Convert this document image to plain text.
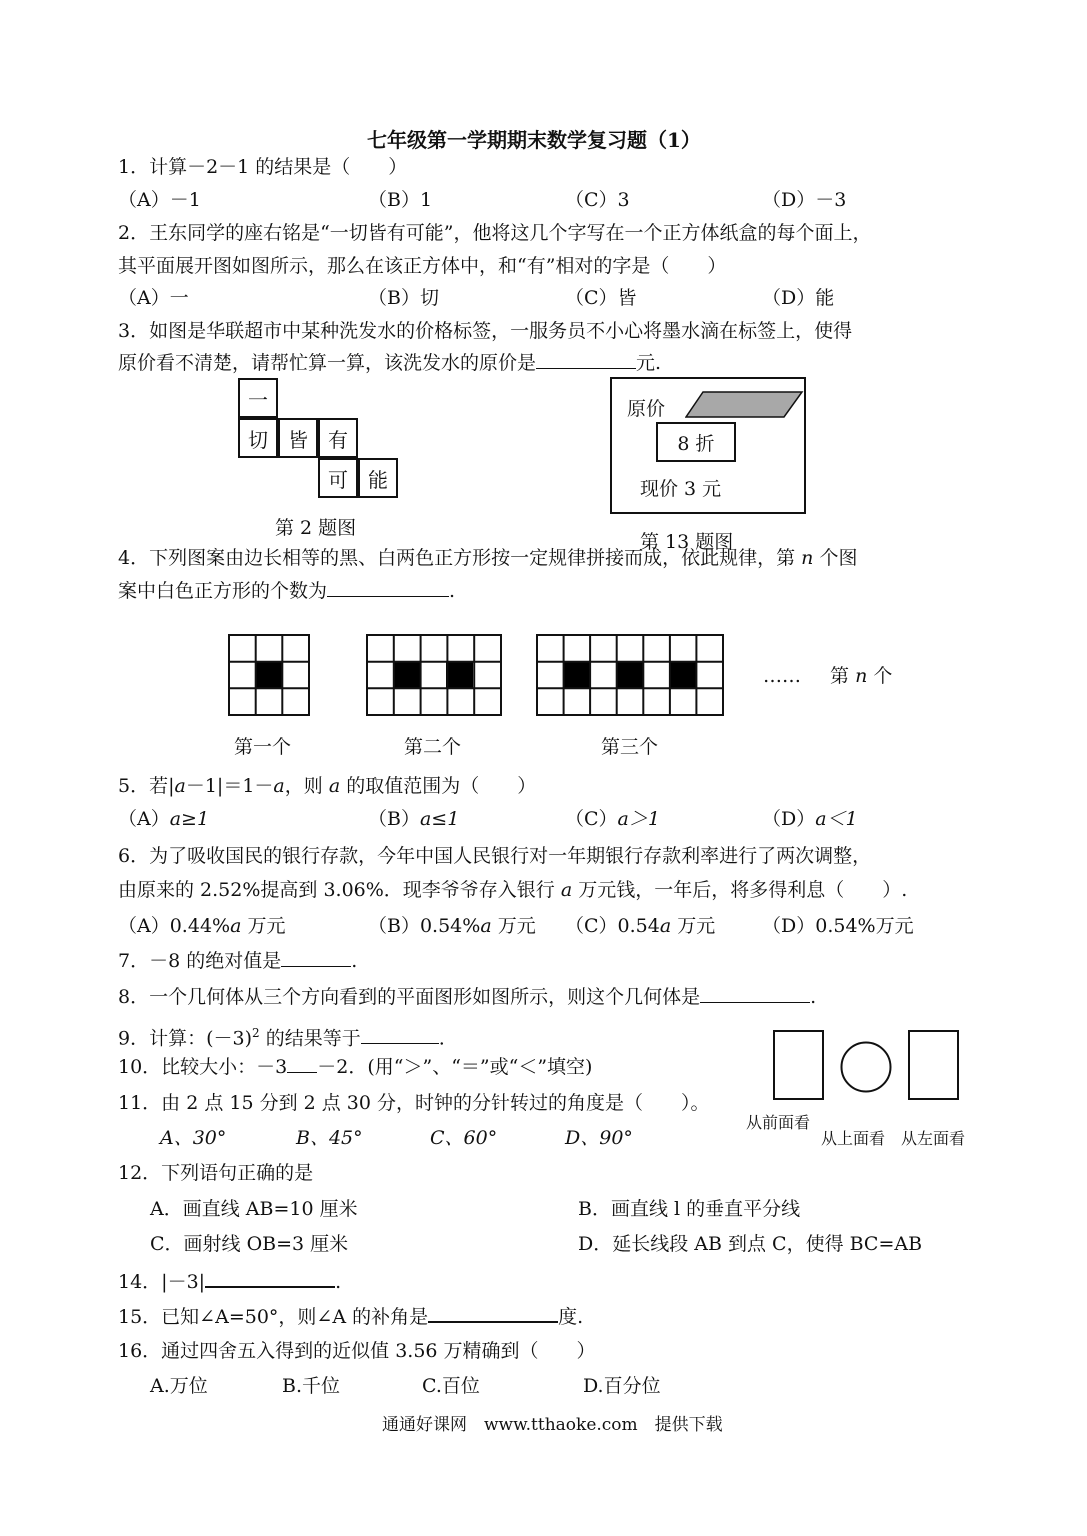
七年级第一学期期末数学复习题（1）
1．计算－2－1 的结果是（　　）
（A）－1	（B）1	（C）3	（D）－3
2．王东同学的座右铭是“一切皆有可能”，他将这几个字写在一个正方体纸盒的每个面上，
其平面展开图如图所示，那么在该正方体中，和“有”相对的字是（　　）
（A）一	（B）切	（C）皆	（D）能
3．如图是华联超市中某种洗发水的价格标签，一服务员不小心将墨水滴在标签上，使得
原价看不清楚，请帮忙算一算，该洗发水的原价是	元.
一
切	皆	有
可	能
第 2 题图
原价
8 折
现价 3 元
第 13 题图
4．下列图案由边长相等的黑、白两色正方形按一定规律拼接而成，依此规律，第 n 个图
案中白色正方形的个数为	.
…… 第 n 个
第一个	第二个	第三个
5．若|a－1|＝1－a，则 a 的取值范围为（　　）
（A）a≥1	（B）a≤1	（C）a＞1	（D）a＜1
6．为了吸收国民的银行存款，今年中国人民银行对一年期银行存款利率进行了两次调整，
由原来的 2.52%提高到 3.06%．现李爷爷存入银行 a 万元钱，一年后，将多得利息（　　）.
（A）0.44%a 万元	（B）0.54%a 万元 （C）0.54a 万元 （D）0.54%万元
7．－8 的绝对值是	.
8．一个几何体从三个方向看到的平面图形如图所示，则这个几何体是	.
9．计算：$(-3)^2$ 的结果等于	.
10．比较大小：－3 －2．(用“＞”、“＝”或“＜”填空)
从前面看
从上面看 从左面看
11．由 2 点 15 分到 2 点 30 分，时钟的分针转过的角度是（　　）。
A、30°	B、45°	C、60°	D、90°
12．下列语句正确的是
A．画直线 AB=10 厘米	B．画直线 l 的垂直平分线
C．画射线 OB=3 厘米	D．延长线段 AB 到点 C，使得 BC=AB
14．|－3|	.
15．已知∠A=50°，则∠A 的补角是	度.
16．通过四舍五入得到的近似值 3.56 万精确到（　　）
A.万位	B.千位	C.百位	D.百分位
通通好课网　www.tthaoke.com　提供下载
